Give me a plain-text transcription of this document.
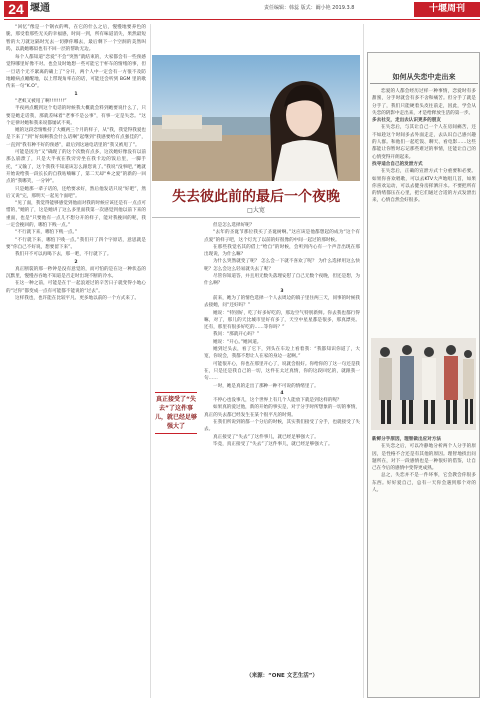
24 堰通	责任编辑：韩蕊 版式：阚小艳 2019.3.8	十堰周刊

“回忆”像是一个钢衣的啤，在它的什么之后，慢慢地要养色的脆，那受着那些无关的幸福感，时间一到，所有味道消失，果然最短暂的大刀就这隔时光去一切撩你哪去，最后剩下一个空洞的美然叫呜，以就她哪似也有不回一层的帮助无边。

每个人都知道“恋爱”不会“突然”就结束的，大家都会有一些预感觉得哪里好像不对。也会及时地想一些可能它于杯车的情绪的事，但一旦话个无不紧离的确上了“分开，两个人中一定会有一方很不及防地睡病点睡醒地，以上带现角率在的话，可能还会听到 BGM 里的歌传来一句“K.O”。

1

“老蚁又被甩了啊!!!!!!!!”

半夜两点醒到这个电话的时候我大概就会料到她要说什么了，只要是她走话我，那就差味着“老事不是公事”，有事一定是失恋。“这个定律对她和我来说都屡试不爽。

她的这段恋情维持了大概两三个月的样子，从“我，我觉得我爱也是下来了”到“好烦啊我会什么话啊”起继到“我感要给有点强佳的”，一直到“我有种不好的预感”，最后到这通电话里的“我又被甩了”。

可能是因为“又”确现了的这个次数有点多，这次她好像没有以前那么崩溃了，只是大半夜在我旁旁坐在我卡边的饭后里，一脚手托，“又输了，这个我我不知道该怎么跟您说了。”我说“没事吧，”她就开始说给我一段长长的自我咕喃嘛了，第二天却“乡之爱”的新的一回点的“我哪笑，一分钟”。

只是她那一辈子话的，还给要求好，然后他发话只说“好吧”，然后又说“完，那明天一起见个面吧”。

“见了面，我觉得能够感觉到他面对我的时候应该还是有一点点可惜的，”她的了，这是她讲了这么多里面我第一次感觉到他以前下来的重面，也是“只要他有一点儿不想分开的样子，能对我挽回的呢，我一定会挽回的，哪怕下贱一点。”

“不行就下来，哪怕下贱一点。”

“不行就下来，哪怕下贱一点。”我们开了四个字原话，意思就是要“你自己不好说，想要留下来”。

我们开不可以再喝下去，那一吧，不行就下了。

2

真正断裂的那一秒钟是没有意觉的，而可怕的是在这一种状态的沉默里，慢慢吞吞地不知道是否走时出现不断的冷水。

在这一种之前，可能是在于一起浪迹过的辛苦日子就变得小地心的“过你”都变成一点有可能都不能说的“过去”。

这样我也，也许能在比较平凡、更多地以前的一个方式来了。

失去彼此前的最后一个夜晚
□大宽

但是怎么选择好呢？

“去年的圣诞节那位我买了圣诞树啊。”这应该是他都想起的成为“这个有点爱”的样子吧，这个灯光了以前的好很像的中间一起过的那时候。

在那些我觉名其的借上“给自”的时候，会听到内心有一个声音出现在那出现说，为什么嘛？

为什么突然就变了呢？ 怎么会一下就不喜欢了呢？ 为什么选择用这么快呢？怎么会这么轻易就失去了呢？

尽管你知道答，并且用无数失落理安慰了自己无数个夜晚，但还是想，为什么啊？

3

前来，她为了的情色选择一个人去周边的镇子里住两三天，同事的时候我去接她，问“还好吗？”

她说：“特别好，吃了好多好吃的，那边空气特别新鲜。你去我也都行得嘛，对了，那儿的天比城市里好有多了，天空中星星都是很多，那真漂亮。还有，那里有很多好吃的……等你吗？”

我问：“那就开心吗？”

她说：“开心。”她回道。

她到过头去，看了它下，到头在车边上看着我：“我都知识你道了，大宽，你说会，我都不想让人在家的身边一起啊。”

可能很开心，你也在那里开心了，说就会很好。你给你的了这一句还是我在，只是还是我自己的一切，这件在太过真情，你的这段回忆的，就跟我一句……

一时，她是真的走出了那种一种不可说的情绪里了。

4

不停心也没事儿，这个世界上有几个人能放下就是到这样的呢？

如果真的爱过他，新的开始的事实是，对于分手时所想象的一切的事情，真正的失去都已经发生在某个很平凡的时刻。

在我们所说到的都一个分后的时候，其实我们接受了分手，也就接受了失去。

真正接受了“失去”了这件事儿，就已经足够强大了。

毕竟，真正接受了“失去”了这件事儿，就已经足够强大了。

真正接受了“失去”了这件事儿，就已经足够强大了
（来源：“ONE 文艺生活”）
如何从失恋中走出来

恋爱的人都会经历过样一种事情，恋爱时有多甜蜜，分手时就会有多不舍和痛苦。但分手了就是分手了，我们只能硬着头皮往前走，因此，学会从失恋的阴影中走出来，才是给释放生活的第一步。

多去社交，走出去认识更多的朋友

在失恋后，与其让自己一个人在房间痛苦，还不如趁这个时间多去外面走走，去认识自己感兴趣的人群。和他们一起吃饭、聊天、看电影……这些都能让你暂时忘记那些难过的事情，还能让自己的心情变得开朗起来。

找寻适合自己的发泄方式

在失恋后，正确的宣泄方式十分重要和必要。如果你喜欢唱歌，可以去KTV大声地唱几首，如果你喜欢运动，可以去健身房挥洒汗水。不要把所有的情绪都压在心里，把它们通过合适的方式发泄出来，心情自然会好很多。

新鲜分手原因，理智做出应对方法

在失恋之后，可以冷静地分析两个人分手的原因，是性格不合还是有其他的原因。理智地找出问题所在，对下一段感情也是一种很好的借鉴，让自己在今后的感情中变得更成熟。

总之，失恋并不是一件坏事，它会教会你很多东西。好好爱自己，总有一天你会遇到那个对的人。
